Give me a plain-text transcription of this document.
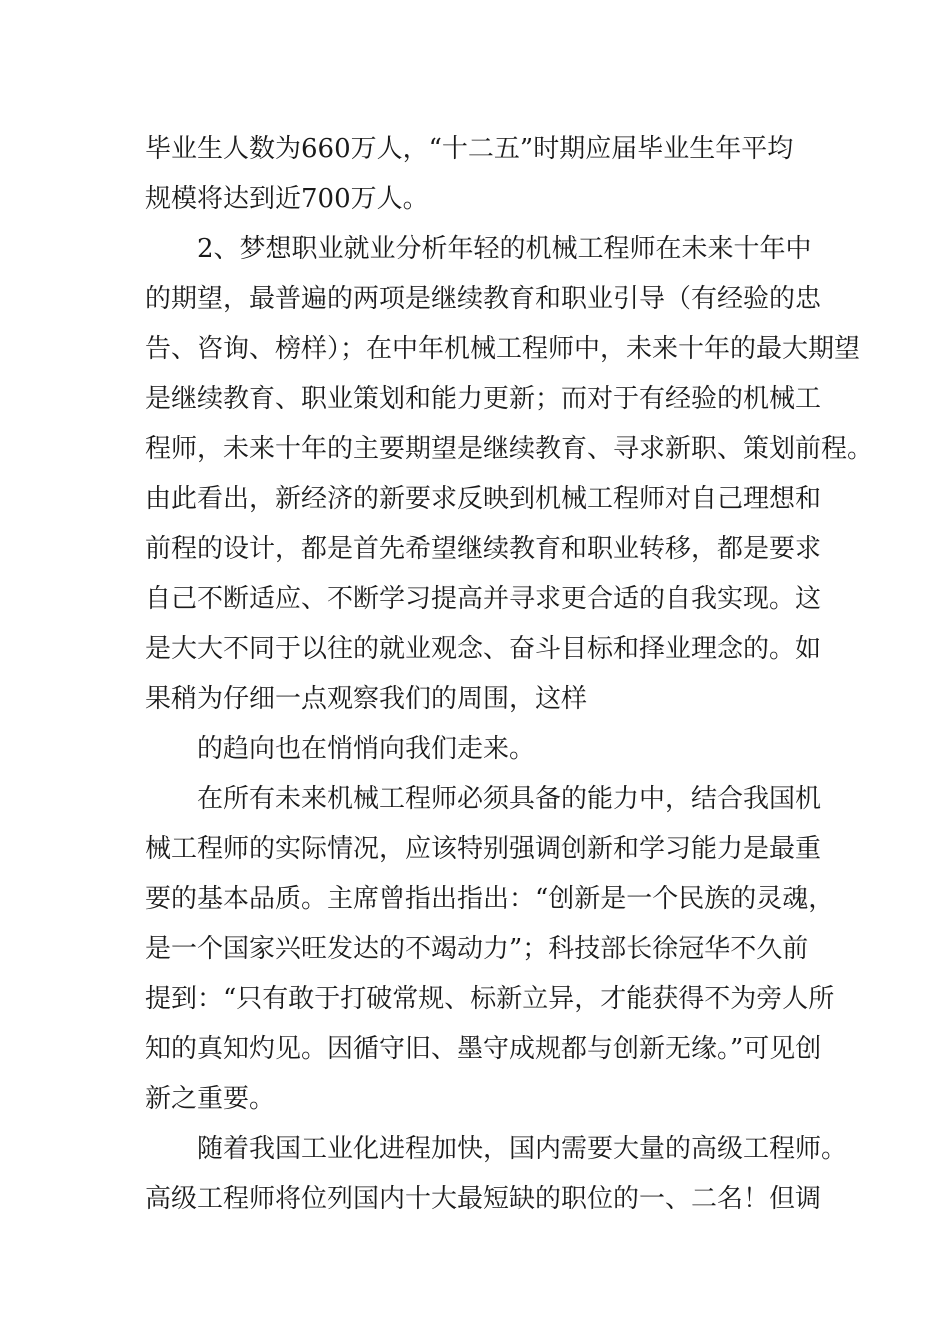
毕业生人数为660万人，“十二五”时期应届毕业生年平均
规模将达到近700万人。
2、梦想职业就业分析年轻的机械工程师在未来十年中
的期望，最普遍的两项是继续教育和职业引导（有经验的忠
告、咨询、榜样）；在中年机械工程师中，未来十年的最大期望
是继续教育、职业策划和能力更新；而对于有经验的机械工
程师，未来十年的主要期望是继续教育、寻求新职、策划前程。
由此看出，新经济的新要求反映到机械工程师对自己理想和
前程的设计，都是首先希望继续教育和职业转移，都是要求
自己不断适应、不断学习提高并寻求更合适的自我实现。这
是大大不同于以往的就业观念、奋斗目标和择业理念的。如
果稍为仔细一点观察我们的周围，这样
的趋向也在悄悄向我们走来。
在所有未来机械工程师必须具备的能力中，结合我国机
械工程师的实际情况，应该特别强调创新和学习能力是最重
要的基本品质。主席曾指出指出：“创新是一个民族的灵魂，
是一个国家兴旺发达的不竭动力”；科技部长徐冠华不久前
提到：“只有敢于打破常规、标新立异，才能获得不为旁人所
知的真知灼见。因循守旧、墨守成规都与创新无缘。”可见创
新之重要。
随着我国工业化进程加快，国内需要大量的高级工程师。
高级工程师将位列国内十大最短缺的职位的一、二名！但调
